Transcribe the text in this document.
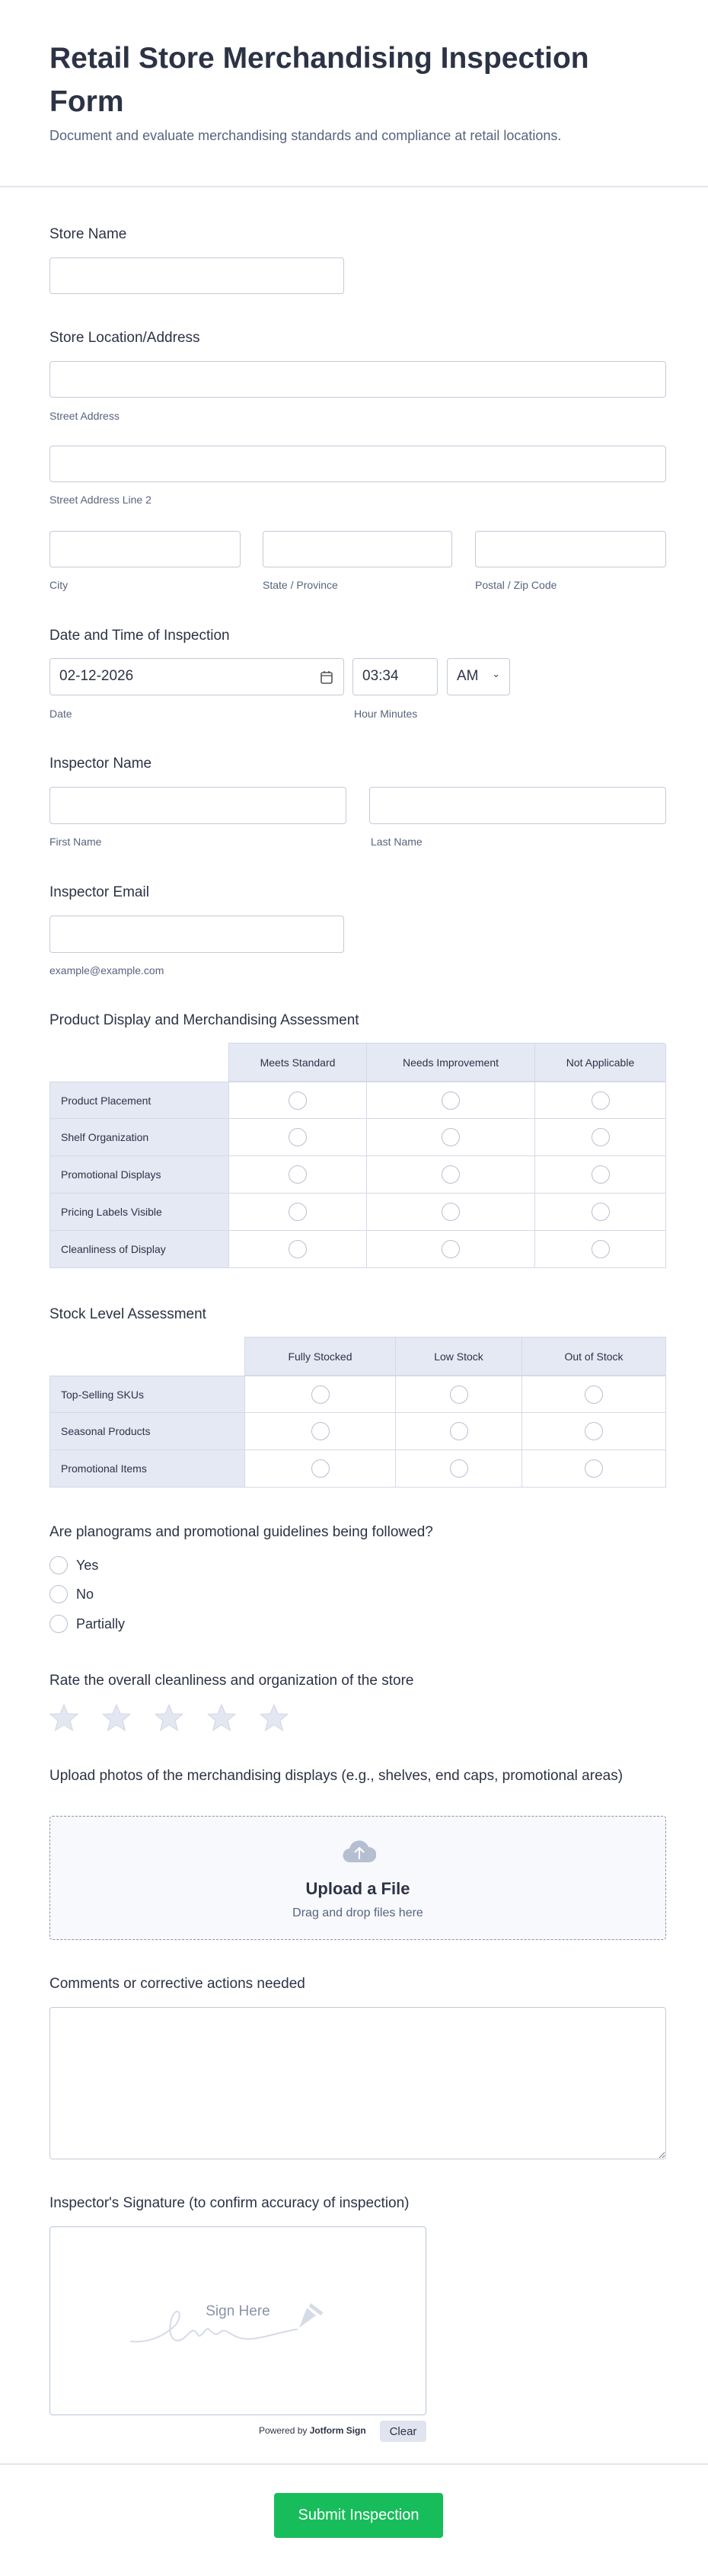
Retail Store Merchandising Inspection Form
Document and evaluate merchandising standards and compliance at retail locations.
Store Name
Store Location/Address
Street Address
Street Address Line 2
City	State / Province	Postal / Zip Code
Date and Time of Inspection
02-12-2026	03:34	AM ⌄
Date	Hour Minutes
Inspector Name
First Name	Last Name
Inspector Email
example@example.com
Product Display and Merchandising Assessment
	Meets Standard	Needs Improvement	Not Applicable
Product Placement			
Shelf Organization			
Promotional Displays			
Pricing Labels Visible			
Cleanliness of Display			
Stock Level Assessment
	Fully Stocked	Low Stock	Out of Stock
Top-Selling SKUs			
Seasonal Products			
Promotional Items			
Are planograms and promotional guidelines being followed?
Yes
No
Partially
Rate the overall cleanliness and organization of the store
Upload photos of the merchandising displays (e.g., shelves, end caps, promotional areas)
Upload a File
Drag and drop files here
Comments or corrective actions needed
Inspector's Signature (to confirm accuracy of inspection)
Sign Here
Powered by Jotform Sign	Clear
Submit Inspection
